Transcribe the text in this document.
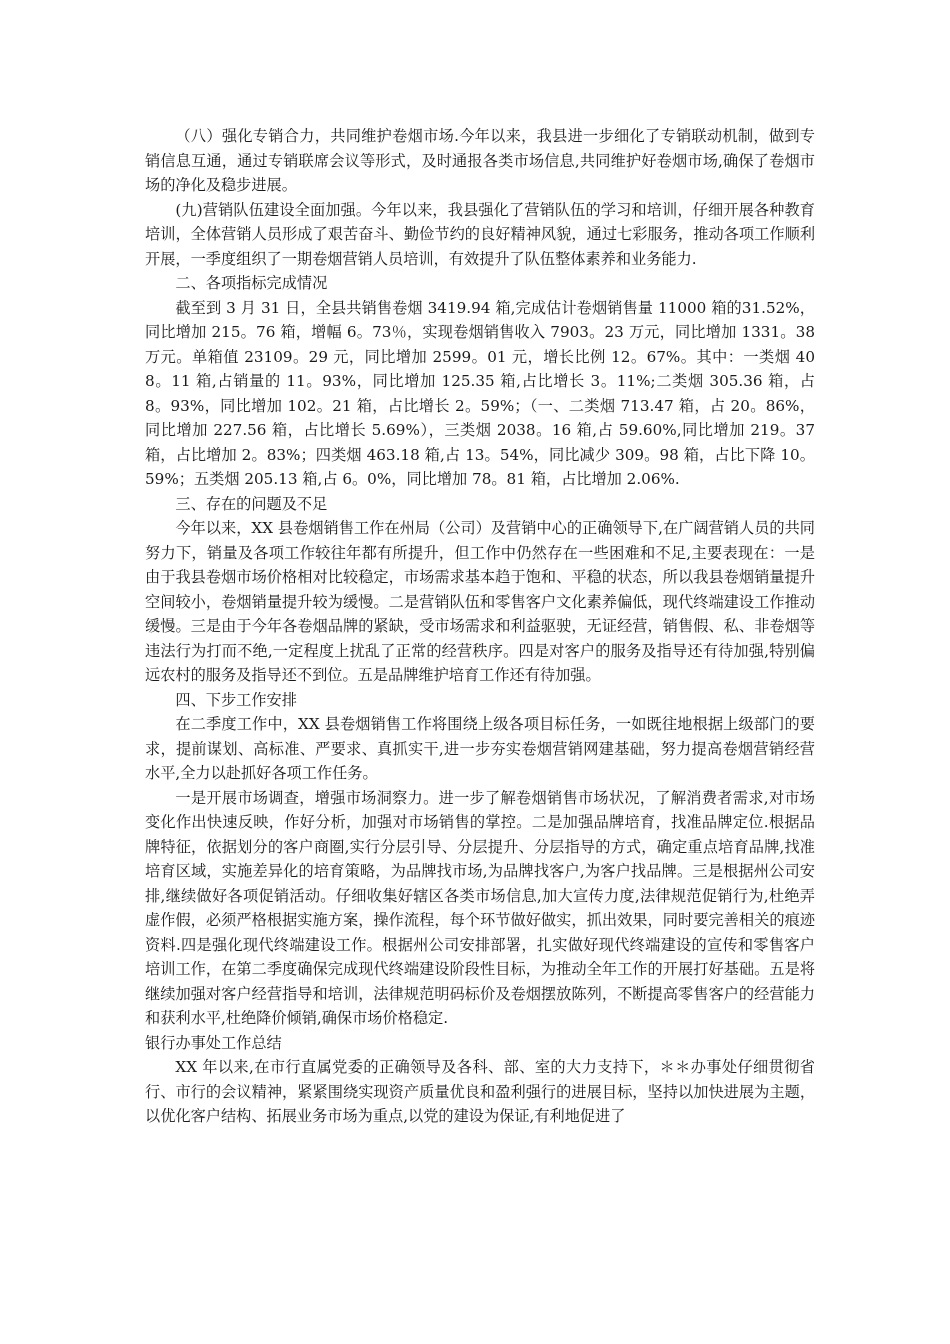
（八）强化专销合力，共同维护卷烟市场.今年以来，我县进一步细化了专销联动机制，做到专销信息互通，通过专销联席会议等形式，及时通报各类市场信息,共同维护好卷烟市场,确保了卷烟市场的净化及稳步进展。

(九)营销队伍建设全面加强。今年以来，我县强化了营销队伍的学习和培训，仔细开展各种教育培训，全体营销人员形成了艰苦奋斗、勤俭节约的良好精神风貌，通过七彩服务，推动各项工作顺利开展，一季度组织了一期卷烟营销人员培训，有效提升了队伍整体素养和业务能力.

二、各项指标完成情况

截至到 3 月 31 日，全县共销售卷烟 3419.94 箱,完成估计卷烟销售量 11000 箱的31.52%，同比增加 215。76 箱，增幅 6。73％，实现卷烟销售收入 7903。23 万元，同比增加 1331。38 万元。单箱值 23109。29 元，同比增加 2599。01 元，增长比例 12。67%。其中：一类烟 408。11 箱,占销量的 11。93%，同比增加 125.35 箱,占比增长 3。11%;二类烟 305.36 箱，占 8。93%，同比增加 102。21 箱，占比增长 2。59%；（一、二类烟 713.47 箱，占 20。86%，同比增加 227.56 箱，占比增长 5.69%），三类烟 2038。16 箱,占 59.60%,同比增加 219。37 箱，占比增加 2。83%；四类烟 463.18 箱,占 13。54%，同比减少 309。98 箱，占比下降 10。59%；五类烟 205.13 箱,占 6。0%，同比增加 78。81 箱，占比增加 2.06%.

三、存在的问题及不足

今年以来，XX 县卷烟销售工作在州局（公司）及营销中心的正确领导下,在广阔营销人员的共同努力下，销量及各项工作较往年都有所提升，但工作中仍然存在一些困难和不足,主要表现在：一是由于我县卷烟市场价格相对比较稳定，市场需求基本趋于饱和、平稳的状态，所以我县卷烟销量提升空间较小，卷烟销量提升较为缓慢。二是营销队伍和零售客户文化素养偏低，现代终端建设工作推动缓慢。三是由于今年各卷烟品牌的紧缺，受市场需求和利益驱驶，无证经营，销售假、私、非卷烟等违法行为打而不绝,一定程度上扰乱了正常的经营秩序。四是对客户的服务及指导还有待加强,特别偏远农村的服务及指导还不到位。五是品牌维护培育工作还有待加强。

四、下步工作安排

在二季度工作中，XX 县卷烟销售工作将围绕上级各项目标任务，一如既往地根据上级部门的要求，提前谋划、高标准、严要求、真抓实干,进一步夯实卷烟营销网建基础，努力提高卷烟营销经营水平,全力以赴抓好各项工作任务。

一是开展市场调查，增强市场洞察力。进一步了解卷烟销售市场状况，了解消费者需求,对市场变化作出快速反映，作好分析，加强对市场销售的掌控。二是加强品牌培育，找准品牌定位.根据品牌特征，依据划分的客户商圈,实行分层引导、分层提升、分层指导的方式，确定重点培育品牌,找准培育区域，实施差异化的培育策略，为品牌找市场,为品牌找客户,为客户找品牌。三是根据州公司安排,继续做好各项促销活动。仔细收集好辖区各类市场信息,加大宣传力度,法律规范促销行为,杜绝弄虚作假，必须严格根据实施方案，操作流程，每个环节做好做实，抓出效果，同时要完善相关的痕迹资料.四是强化现代终端建设工作。根据州公司安排部署，扎实做好现代终端建设的宣传和零售客户培训工作，在第二季度确保完成现代终端建设阶段性目标，为推动全年工作的开展打好基础。五是将继续加强对客户经营指导和培训，法律规范明码标价及卷烟摆放陈列，不断提高零售客户的经营能力和获利水平,杜绝降价倾销,确保市场价格稳定.

银行办事处工作总结

XX 年以来,在市行直属党委的正确领导及各科、部、室的大力支持下，＊＊办事处仔细贯彻省行、市行的会议精神，紧紧围绕实现资产质量优良和盈利强行的进展目标，坚持以加快进展为主题，以优化客户结构、拓展业务市场为重点,以党的建设为保证,有利地促进了
